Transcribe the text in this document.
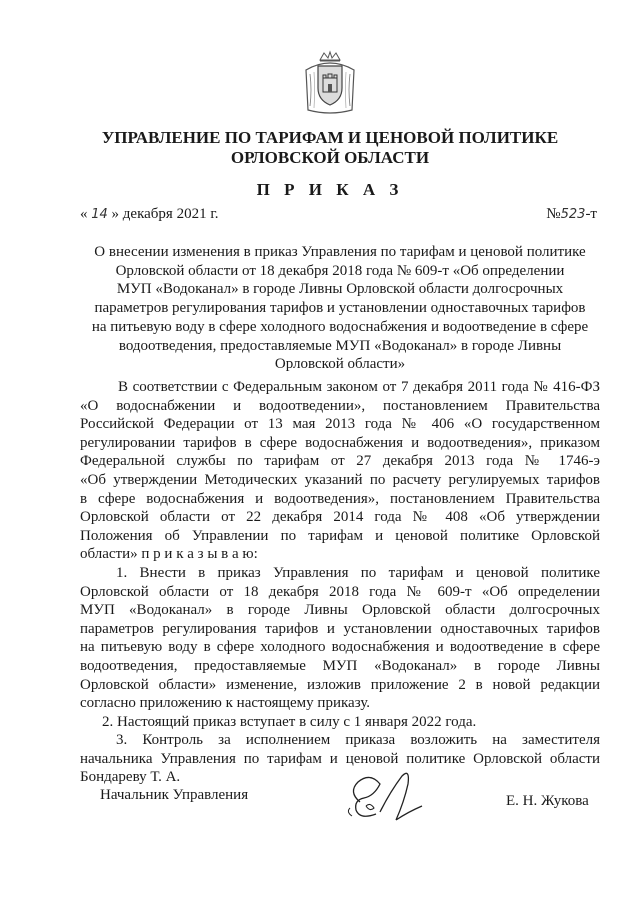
УПРАВЛЕНИЕ ПО ТАРИФАМ И ЦЕНОВОЙ ПОЛИТИКЕ
ОРЛОВСКОЙ ОБЛАСТИ
П Р И К А З
« 14 » декабря 2021 г.	№523-т
О внесении изменения в приказ Управления по тарифам и ценовой политике
Орловской области от 18 декабря 2018 года № 609-т «Об определении
МУП «Водоканал» в городе Ливны Орловской области долгосрочных
параметров регулирования тарифов и установлении одноставочных тарифов
на питьевую воду в сфере холодного водоснабжения и водоотведение в сфере
водоотведения, предоставляемые МУП «Водоканал» в городе Ливны
Орловской области»
В соответствии с Федеральным законом от 7 декабря 2011 года № 416-ФЗ
«О водоснабжении и водоотведении», постановлением Правительства
Российской Федерации от 13 мая 2013 года № 406 «О государственном
регулировании тарифов в сфере водоснабжения и водоотведения», приказом
Федеральной службы по тарифам от 27 декабря 2013 года № 1746-э
«Об утверждении Методических указаний по расчету регулируемых тарифов
в сфере водоснабжения и водоотведения», постановлением Правительства
Орловской области от 22 декабря 2014 года № 408 «Об утверждении
Положения об Управлении по тарифам и ценовой политике Орловской
области» п р и к а з ы в а ю:
1. Внести в приказ Управления по тарифам и ценовой политике
Орловской области от 18 декабря 2018 года № 609-т «Об определении
МУП «Водоканал» в городе Ливны Орловской области долгосрочных
параметров регулирования тарифов и установлении одноставочных тарифов
на питьевую воду в сфере холодного водоснабжения и водоотведение в сфере
водоотведения, предоставляемые МУП «Водоканал» в городе Ливны
Орловской области» изменение, изложив приложение 2 в новой редакции
согласно приложению к настоящему приказу.
2. Настоящий приказ вступает в силу с 1 января 2022 года.
3. Контроль за исполнением приказа возложить на заместителя
начальника Управления по тарифам и ценовой политике Орловской области
Бондареву Т. А.
Начальник Управления	Е. Н. Жукова
